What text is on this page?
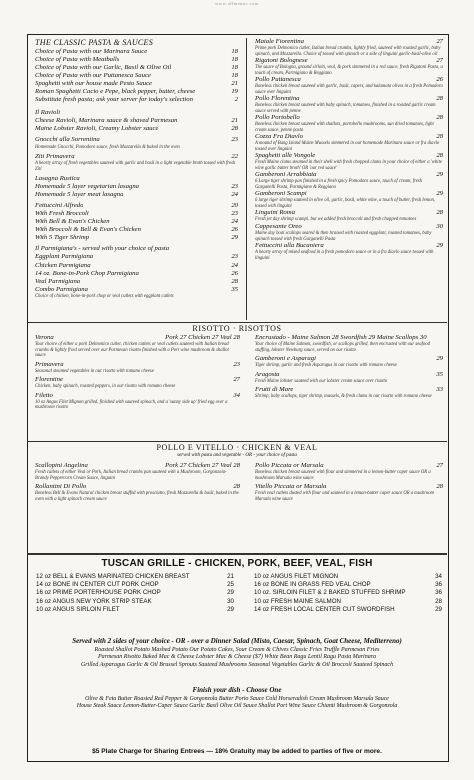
www.allmenus.com
THE CLASSIC PASTA & SAUCES
Choice of Pasta with our Marinara Sauce	18
Choice of Pasta with Meatballs	18
Choice of Pasta with our Garlic, Basil & Olive Oil	18
Choice of Pasta with our Puttanesca Sauce	18
Spaghetti with our house made Pesto Sauce	21
Roman Spaghetti Cacio e Pepe, black pepper, butter, cheese	19
Substitute fresh pasta; ask your server for today's selection	2
Il Ravioli
Cheese Ravioli, Marinara sauce & shaved Parmesan	21
Maine Lobster Ravioli, Creamy Lobster sauce	28
Gnocchi alla Sorrentina	23
Homemade Gnocchi, Pomodoro sauce, fresh Mozzarella & baked in the oven
Ziti Primavera	22
A hearty array of fresh vegetables sauteed with garlic and basil in a light vegetable broth tossed with fresh Ziti
Lasagna Rustica
Homemade 5 layer vegetarian lasagna	23
Homemade 5 layer meat lasagna	24
Fettuccini Alfredo	20
With Fresh Broccoli	23
With Bell & Evan's Chicken	24
With Broccoli & Bell & Evan's Chicken	26
With 5 Tiger Shrimp	29
Il Parmigiana's - served with your choice of pasta
Eggplant Parmigiana	23
Chicken Parmigiana	24
14 oz. Bone-in-Pork Chop Parmigiana	26
Veal Parmigiana	28
Combo Parmigiana	35
Choice of chicken, bone-in-pork chop or veal cutlets with eggplant cutlets
Maiale Fiorentina	27
Prime pork Delmonico cutlet, Italian bread crumbs, lightly fried, sauteed with roasted garlic, baby spinach, and Mozzarella. Choice of tossed with spinach or a side of linguini garlic-basil-olive oil
Rigatoni Bolognese	27
The sauce of Bologna, ground sirloin, veal, & pork simmered in a red sauce, fresh Rigatoni Pasta, a touch of cream, Parmigiano & Reggiano
Pollo Puttanesca	26
Boneless chicken breast sauteed with garlic, basil, capers, and kalamata olives in a fresh Pomodoro sauce over linguini
Pollo Florentina	28
Boneless chicken breast sauteed with baby spinach, tomatoes, finished in a roasted garlic cream sauce served with penne
Pollo Portobello	28
Boneless chicken breast sauteed with shallots, portobello mushrooms, sun dried tomatoes, light cream sauce, penne pasta
Cozza Fra Diavlo	28
A mound of Bang Island Maine Mussels simmered in our homemade Marinara sauce or fra diavlo tossed over linguini
Spaghetti alle Vongole	28
Fresh Maine clams steamed in their shell with fresh chopped clams in your choice of either a 'white wine garlic butter broth' OR 'our red sauce'
Gamberoni Arrabbiata	29
6 Large tiger shrimp pan finished in a fresh spicy Pomodoro sauce, touch of cream, fresh Garganelli Pasta, Parmigiano & Reggiano
Gamberoni Scampi	29
6 large tiger shrimp sauteed in olive oil, garlic, basil, white wine, a touch of butter, fresh lemon, tossed with linguini
Linguini Roma	28
Fresh jet day shrimp scampi, but we added fresh broccoli and fresh chopped tomatoes
Cappesante Oreo	30
Maine day boat scallops seared & then braised with roasted eggplant, roasted tomatoes, baby spinach tossed with fresh Garganelli Pasta
Fettuccini alla Bucaniera	29
A hearty array of mixed seafood in a fresh pomodoro sauce or in a fra diavlo sauce tossed with linguini
RISOTTO · RISOTTOS
Verona	Pork 27 Chicken 27 Veal 28
Your choice of either a pork Delmonico cutlet, chicken cutlets or veal cutlets sauteed with Italian bread crumbs & lightly fried served over our Parmesan risotto finished with a Port wine mushroom & shallot sauce
Primavera	23
Seasonal steamed vegetables in our risotto with romano cheese
Florentine	27
Chicken, baby spinach, roasted peppers, in our risotto with romano cheese
Filetto	34
10 oz Angus Filet Mignon grilled, finished with sauteed spinach, and a 'sunny side up' fried egg over a mushroom risotto
Encrustado - Maine Salmon 28 Swordfish 29 Maine Scallops 30
Your choice of Maine Salmon, swordfish, or scallops grilled, then encrusted with our seafood stuffing, lobster Newburg sauce, served on our risotto
Gamberoni e Asparagi	29
Tiger shrimp, garlic and fresh Asparagus in our risotto with romano cheese
Aragosta	35
Fresh Maine lobster sauteed with our lobster cream sauce over risotto
Frutti di Mare	33
Shrimp, baby scallops, tiger shrimp, mussels, & fresh clams in our risotto with romano cheese
POLLO E VITELLO · CHICKEN & VEAL
served with pasta and vegetable - OR - your choice of pasta
Scallopini Angelina	Pork 27 Chicken 27 Veal 28
Fresh cutlets of either Veal or Pork, Italian bread crumbs pan sauteed with a Mushroom, Gorgonzola-Brandy Peppercorn Cream Sauce, linguini
Rollantini Di Pollo	28
Boneless Bell & Evans Natural chicken breast stuffed with prosciutto, fresh Mozzarella & basil, baked in the oven with a light spinach cream sauce
Pollo Piccata or Marsala	27
Boneless chicken breast sauteed with flour and simmered in a lemon-butter caper sauce OR a mushroom Marsala wine sauce
Vitello Piccata or Marsala	28
Fresh veal cutlets dusted with flour and sauteed in a lemon-butter caper sauce OR a mushroom Marsala wine sauce
TUSCAN GRILLE - CHICKEN, PORK, BEEF, VEAL, FISH
12 oz BELL & EVANS MARINATED CHICKEN BREAST	21
14 oz BONE IN CENTER CUT PORK CHOP	25
16 oz PRIME PORTERHOUSE PORK CHOP	29
16 oz ANGUS NEW YORK STRIP STEAK	30
10 oz ANGUS SIRLOIN FILET	29
10 oz ANGUS FILET MIGNON	34
16 oz BONE IN GRASS FED VEAL CHOP	36
10 oz. SIRLOIN FILET & 2 BAKED STUFFED SHRIMP	36
10 oz FRESH MAINE SALMON	28
14 oz FRESH LOCAL CENTER CUT SWORDFISH	29
Served with 2 sides of your choice - OR - over a Dinner Salad (Misto, Caesar, Spinach, Goat Cheese, Mediterreno)
Roasted Shallot Potato Mashed Potato Our Potato Cakes, Sour Cream & Chives Classic Fries Truffle Parmesan Fries
Parmesan Risotto Baked Mac & Cheese Lobster Mac & Cheese ($7) White Bean Ragu Lentil Ragu Pasta Marinara
Grilled Asparagus Garlic & Oil Brussel Sprouts Sauteed Mushrooms Seasonal Vegetables Garlic & Oil Broccoli Sauteed Spinach
Finish your dish - Choose One
Olive & Feta Butter Roasted Red Pepper & Gorgonzola Butter Porto Sauce Cold Horseradish Cream Mushroom Marsala Sauce
House Steak Sauce Lemon-Butter-Caper Sauce Garlic Basil Olive Oil Sauce Shallot Port Wine Sauce Chianti Mushroom & Gorgonzola
$5 Plate Charge for Sharing Entrees — 18% Gratuity may be added to parties of five or more.
